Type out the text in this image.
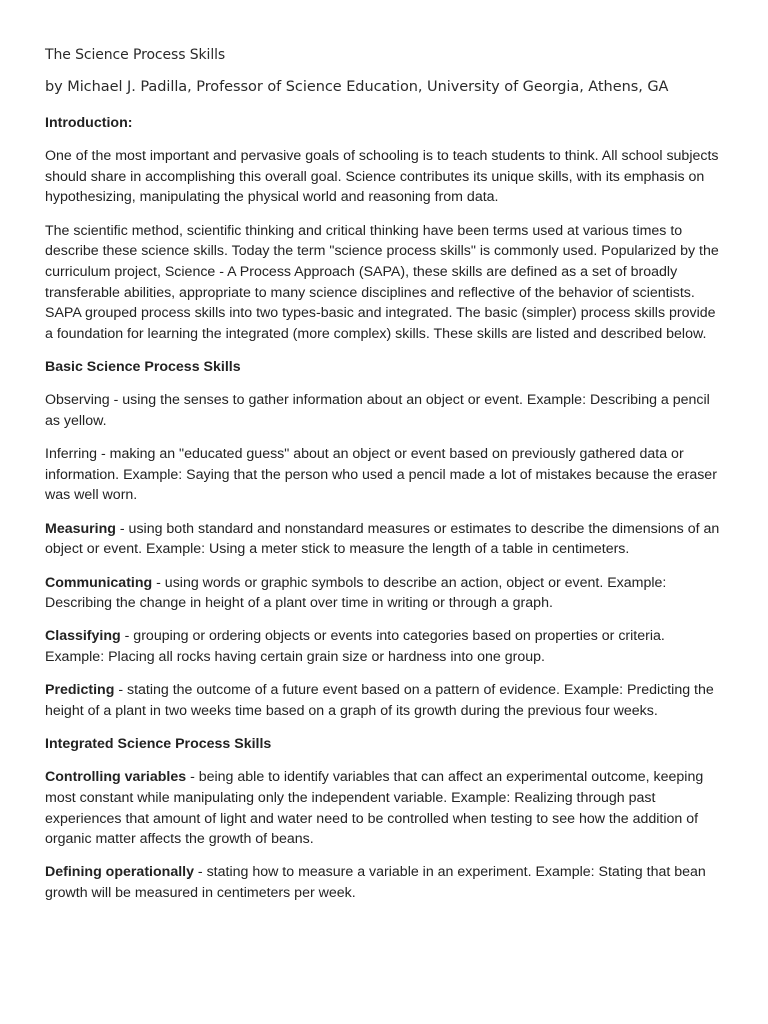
The Science Process Skills
by Michael J. Padilla, Professor of Science Education, University of Georgia, Athens, GA
Introduction:

One of the most important and pervasive goals of schooling is to teach students to think. All school subjects should share in accomplishing this overall goal. Science contributes its unique skills, with its emphasis on hypothesizing, manipulating the physical world and reasoning from data.

The scientific method, scientific thinking and critical thinking have been terms used at various times to describe these science skills. Today the term "science process skills" is commonly used. Popularized by the curriculum project, Science - A Process Approach (SAPA), these skills are defined as a set of broadly transferable abilities, appropriate to many science disciplines and reflective of the behavior of scientists. SAPA grouped process skills into two types-basic and integrated. The basic (simpler) process skills provide a foundation for learning the integrated (more complex) skills. These skills are listed and described below.

Basic Science Process Skills

Observing - using the senses to gather information about an object or event. Example: Describing a pencil as yellow.

Inferring - making an "educated guess" about an object or event based on previously gathered data or information. Example: Saying that the person who used a pencil made a lot of mistakes because the eraser was well worn.

Measuring - using both standard and nonstandard measures or estimates to describe the dimensions of an object or event. Example: Using a meter stick to measure the length of a table in centimeters.

Communicating - using words or graphic symbols to describe an action, object or event. Example: Describing the change in height of a plant over time in writing or through a graph.

Classifying - grouping or ordering objects or events into categories based on properties or criteria. Example: Placing all rocks having certain grain size or hardness into one group.

Predicting - stating the outcome of a future event based on a pattern of evidence. Example: Predicting the height of a plant in two weeks time based on a graph of its growth during the previous four weeks.

Integrated Science Process Skills

Controlling variables - being able to identify variables that can affect an experimental outcome, keeping most constant while manipulating only the independent variable. Example: Realizing through past experiences that amount of light and water need to be controlled when testing to see how the addition of organic matter affects the growth of beans.

Defining operationally - stating how to measure a variable in an experiment. Example: Stating that bean growth will be measured in centimeters per week.
